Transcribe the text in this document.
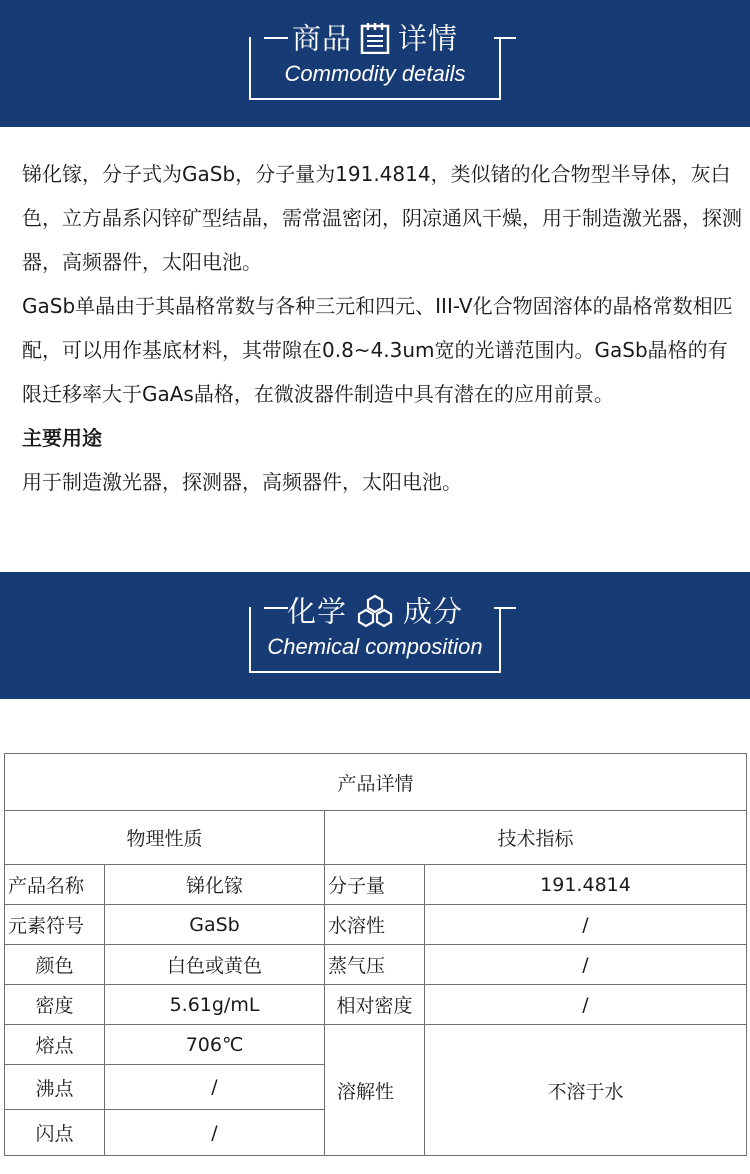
商品 详情
Commodity details

锑化镓，分子式为GaSb，分子量为191.4814，类似锗的化合物型半导体，灰白色，立方晶系闪锌矿型结晶，需常温密闭，阴凉通风干燥，用于制造激光器，探测器，高频器件，太阳电池。

GaSb单晶由于其晶格常数与各种三元和四元、III-V化合物固溶体的晶格常数相匹配，可以用作基底材料，其带隙在0.8~4.3um宽的光谱范围内。GaSb晶格的有限迁移率大于GaAs晶格，在微波器件制造中具有潜在的应用前景。

主要用途

用于制造激光器，探测器，高频器件，太阳电池。

化学 成分
Chemical composition
产品详情			
物理性质		技术指标	
产品名称	锑化镓	分子量	191.4814
元素符号	GaSb	水溶性	/
颜色	白色或黄色	蒸气压	/
密度	5.61g/mL	相对密度	/
熔点	706℃	溶解性	不溶于水
沸点	/		
闪点	/		
